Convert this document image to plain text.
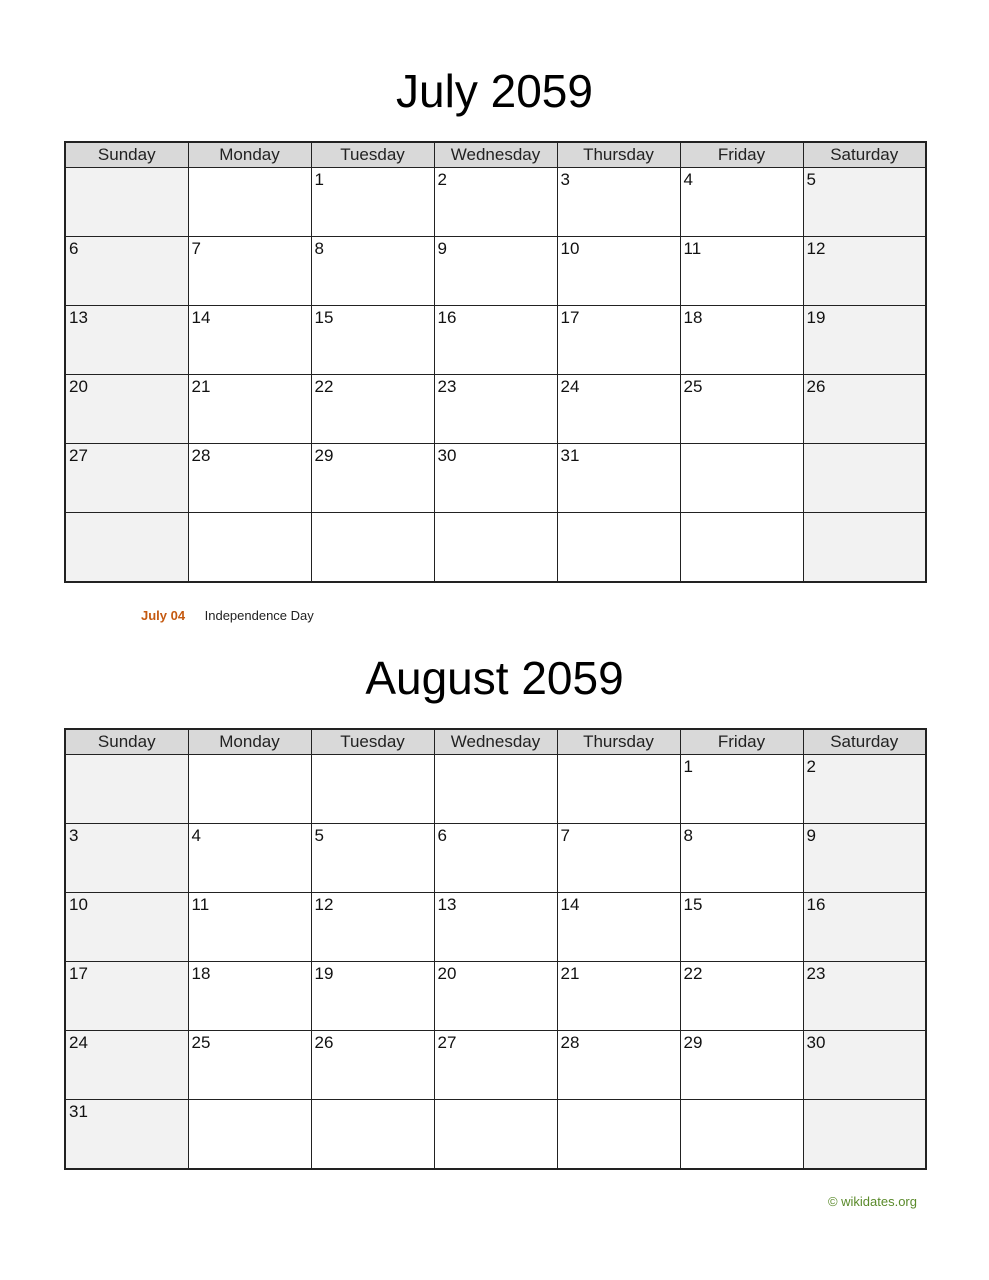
July 2059
Sunday	Monday	Tuesday	Wednesday	Thursday	Friday	Saturday

		1	2	3	4	5

6	7	8	9	10	11	12

13	14	15	16	17	18	19

20	21	22	23	24	25	26

27	28	29	30	31		

July 04 Independence Day
August 2059
Sunday	Monday	Tuesday	Wednesday	Thursday	Friday	Saturday

					1	2

3	4	5	6	7	8	9

10	11	12	13	14	15	16

17	18	19	20	21	22	23

24	25	26	27	28	29	30

31						

© wikidates.org
